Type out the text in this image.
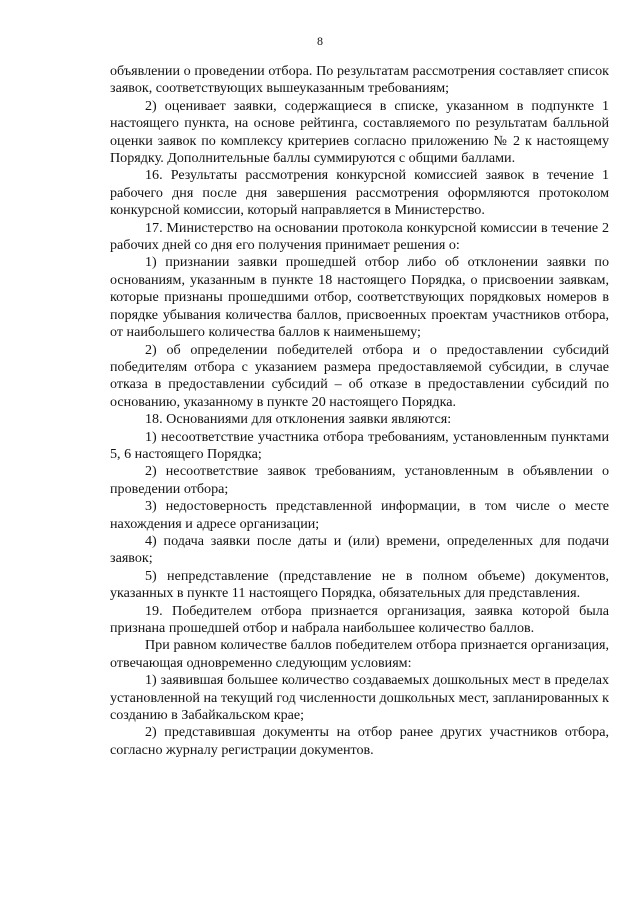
8

объявлении о проведении отбора. По результатам рассмотрения составляет список заявок, соответствующих вышеуказанным требованиям;

2) оценивает заявки, содержащиеся в списке, указанном в подпункте 1 настоящего пункта, на основе рейтинга, составляемого по результатам балльной оценки заявок по комплексу критериев согласно приложению № 2 к настоящему Порядку. Дополнительные баллы суммируются с общими баллами.

16. Результаты рассмотрения конкурсной комиссией заявок в течение 1 рабочего дня после дня завершения рассмотрения оформляются протоколом конкурсной комиссии, который направляется в Министерство.

17. Министерство на основании протокола конкурсной комиссии в течение 2 рабочих дней со дня его получения принимает решения о:

1) признании заявки прошедшей отбор либо об отклонении заявки по основаниям, указанным в пункте 18 настоящего Порядка, о присвоении заявкам, которые признаны прошедшими отбор, соответствующих порядковых номеров в порядке убывания количества баллов, присвоенных проектам участников отбора, от наибольшего количества баллов к наименьшему;

2) об определении победителей отбора и о предоставлении субсидий победителям отбора с указанием размера предоставляемой субсидии, в случае отказа в предоставлении субсидий – об отказе в предоставлении субсидий по основанию, указанному в пункте 20 настоящего Порядка.

18. Основаниями для отклонения заявки являются:

1) несоответствие участника отбора требованиям, установленным пунктами 5, 6 настоящего Порядка;

2) несоответствие заявок требованиям, установленным в объявлении о проведении отбора;

3) недостоверность представленной информации, в том числе о месте нахождения и адресе организации;

4) подача заявки после даты и (или) времени, определенных для подачи заявок;

5) непредставление (представление не в полном объеме) документов, указанных в пункте 11 настоящего Порядка, обязательных для представления.

19. Победителем отбора признается организация, заявка которой была признана прошедшей отбор и набрала наибольшее количество баллов.

При равном количестве баллов победителем отбора признается организация, отвечающая одновременно следующим условиям:

1) заявившая большее количество создаваемых дошкольных мест в пределах установленной на текущий год численности дошкольных мест, запланированных к созданию в Забайкальском крае;

2) представившая документы на отбор ранее других участников отбора, согласно журналу регистрации документов.
